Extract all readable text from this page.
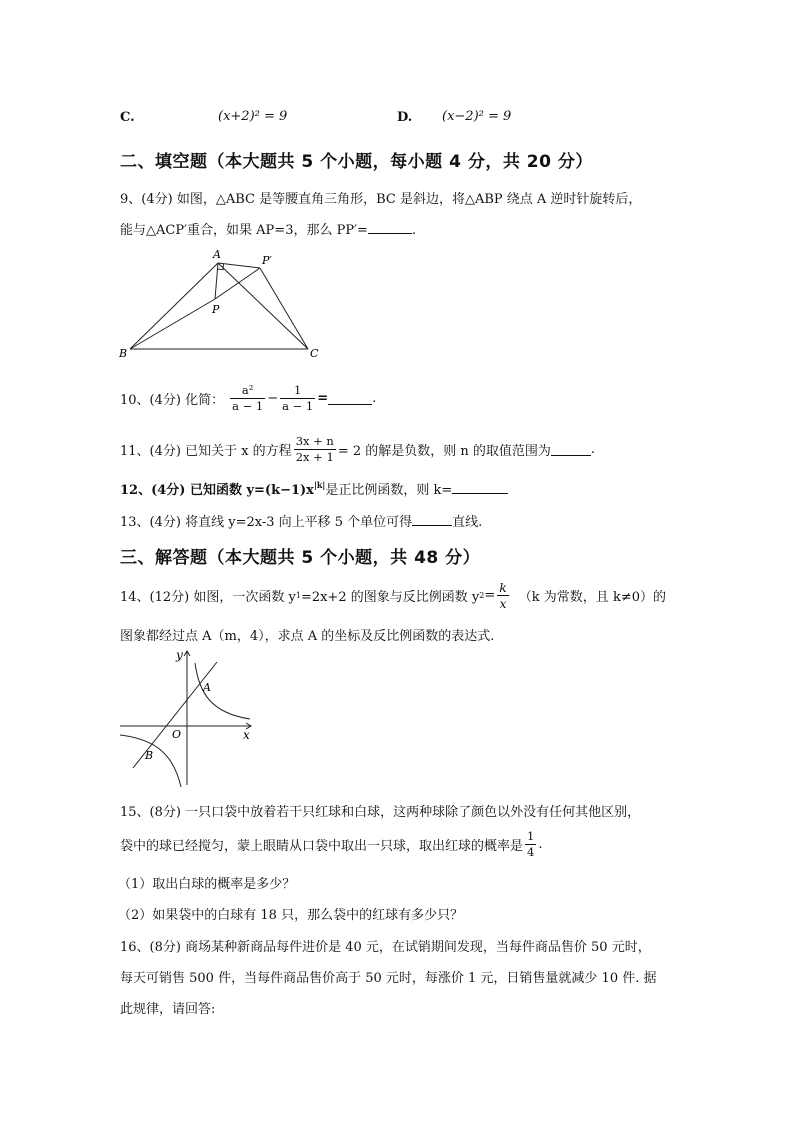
C.	(x+2)² = 9	D. (x−2)² = 9
二、填空题（本大题共 5 个小题，每小题 4 分，共 20 分）
9、(4分) 如图，△ABC 是等腰直角三角形，BC 是斜边，将△ABP 绕点 A 逆时针旋转后，
能与△ACP′重合，如果 AP=3，那么 PP′=	.
A	P′
P
B	C
10、(4分) 化简： $\frac{\text{a²}}{a - 1} - \frac{1}{a - 1}$ =	.
11、(4分) 已知关于 x 的方程 $\frac{3x + n}{2x + 1} = 2$ 的解是负数，则 n 的取值范围为	.
12、(4分) 已知函数 $y=(k-1)x^{|k|}$是正比例函数，则 k=
13、(4分) 将直线 y=2x-3 向上平移 5 个单位可得	直线.
三、解答题（本大题共 5 个小题，共 48 分）
14、(12分) 如图，一次函数 y 1 =2x+2 的图象与反比例函数 y $2 = \frac{k}{x} (k$ 为常数，且 k≠0）的
图象都经过点 A（m，4），求点 A 的坐标及反比例函数的表达式.
y
x
O
A
B
15、(8分) 一只口袋中放着若干只红球和白球，这两种球除了颜色以外没有任何其他区别，
袋中的球已经搅匀，蒙上眼睛从口袋中取出一只球，取出红球的概率是 $\frac{1}{4}$ .
（1）取出白球的概率是多少？
（2）如果袋中的白球有 18 只，那么袋中的红球有多少只？
16、(8分) 商场某种新商品每件进价是 40 元，在试销期间发现，当每件商品售价 50 元时，
每天可销售 500 件，当每件商品售价高于 50 元时，每涨价 1 元，日销售量就减少 10 件. 据
此规律，请回答:
